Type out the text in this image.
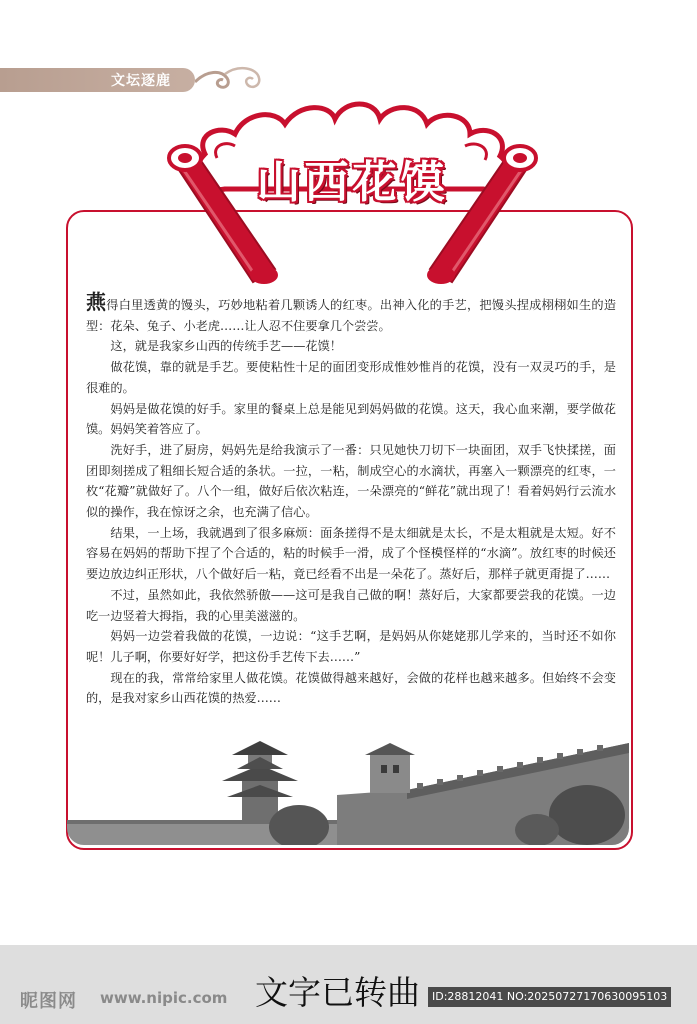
文坛逐鹿
山西花馍

燕得白里透黄的馒头，巧妙地粘着几颗诱人的红枣。出神入化的手艺，把馒头捏成栩栩如生的造型：花朵、兔子、小老虎……让人忍不住要拿几个尝尝。

这，就是我家乡山西的传统手艺——花馍！

做花馍，靠的就是手艺。要使粘性十足的面团变形成惟妙惟肖的花馍，没有一双灵巧的手，是很难的。

妈妈是做花馍的好手。家里的餐桌上总是能见到妈妈做的花馍。这天，我心血来潮，要学做花馍。妈妈笑着答应了。

洗好手，进了厨房，妈妈先是给我演示了一番：只见她快刀切下一块面团，双手飞快揉搓，面团即刻搓成了粗细长短合适的条状。一拉，一粘，制成空心的水滴状，再塞入一颗漂亮的红枣，一枚“花瓣”就做好了。八个一组，做好后依次粘连，一朵漂亮的“鲜花”就出现了！看着妈妈行云流水似的操作，我在惊讶之余，也充满了信心。

结果，一上场，我就遇到了很多麻烦：面条搓得不是太细就是太长，不是太粗就是太短。好不容易在妈妈的帮助下捏了个合适的，粘的时候手一滑，成了个怪模怪样的“水滴”。放红枣的时候还要边放边纠正形状，八个做好后一粘，竟已经看不出是一朵花了。蒸好后，那样子就更甭提了……

不过，虽然如此，我依然骄傲——这可是我自己做的啊！蒸好后，大家都要尝我的花馍。一边吃一边竖着大拇指，我的心里美滋滋的。

妈妈一边尝着我做的花馍，一边说：“这手艺啊，是妈妈从你姥姥那儿学来的，当时还不如你呢！儿子啊，你要好好学，把这份手艺传下去……”

现在的我，常常给家里人做花馍。花馍做得越来越好，会做的花样也越来越多。但始终不会变的，是我对家乡山西花馍的热爱……

昵图网 www.nipic.com 文字已转曲	ID:28812041 NO:20250727170630095103
